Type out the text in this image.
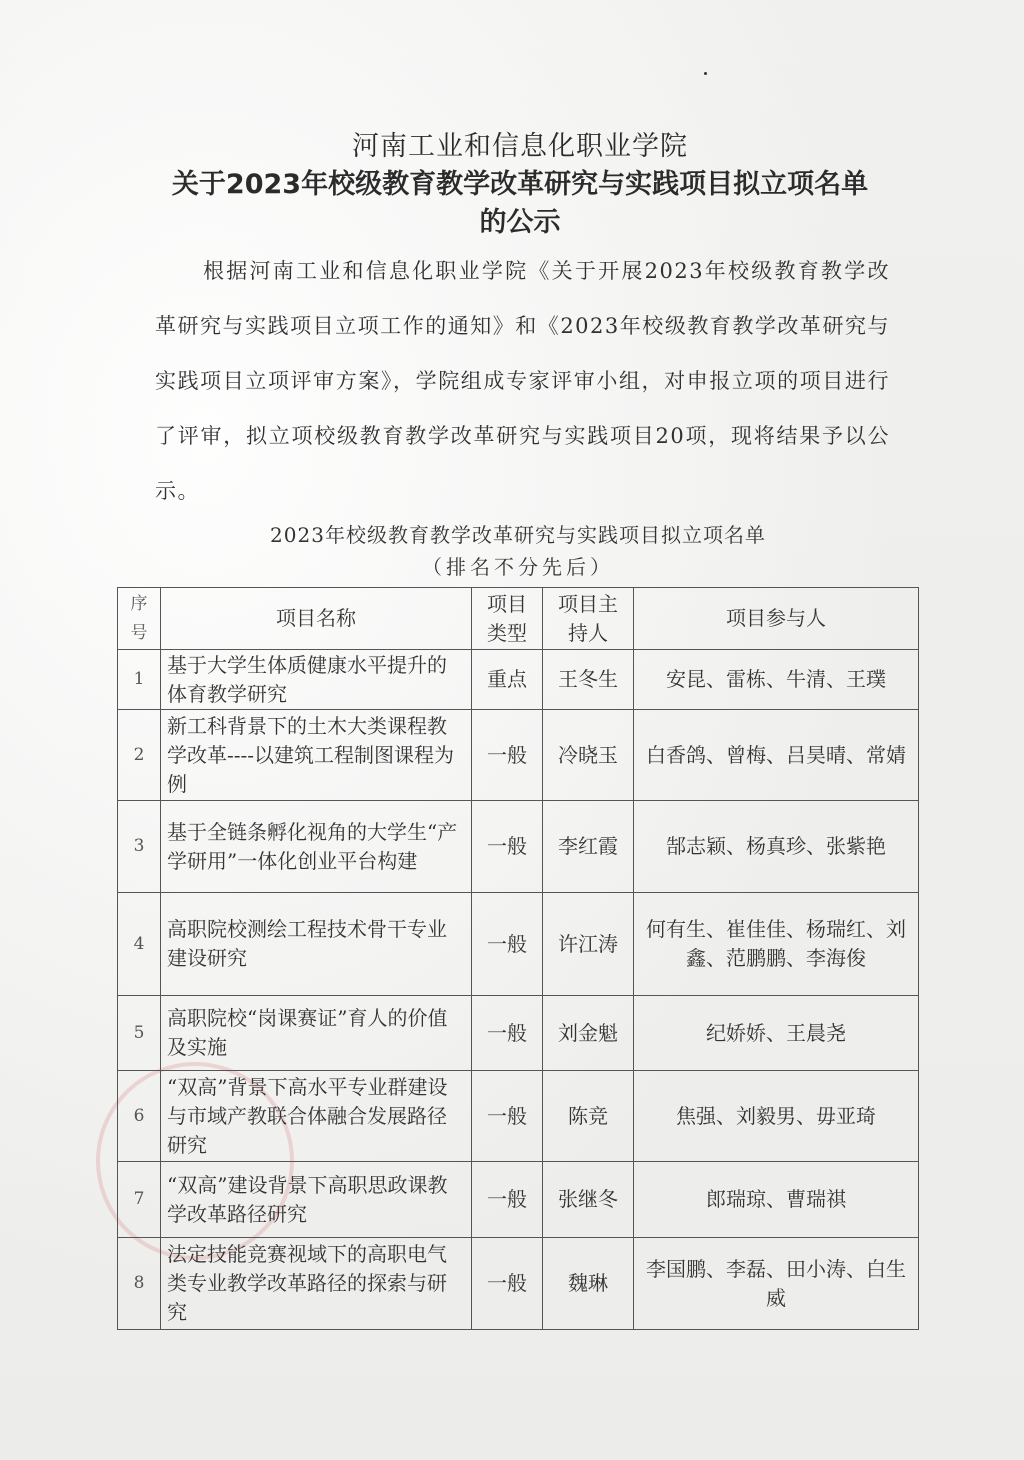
河南工业和信息化职业学院
关于2023年校级教育教学改革研究与实践项目拟立项名单
的公示
根据河南工业和信息化职业学院《关于开展2023年校级教育教学改革研究与实践项目立项工作的通知》和《2023年校级教育教学改革研究与实践项目立项评审方案》，学院组成专家评审小组，对申报立项的项目进行了评审，拟立项校级教育教学改革研究与实践项目20项，现将结果予以公示。
2023年校级教育教学改革研究与实践项目拟立项名单
（排名不分先后）
序号	项目名称	项目类型	项目主持人	项目参与人
1	基于大学生体质健康水平提升的体育教学研究	重点	王冬生	安昆、雷栋、牛清、王璞
2	新工科背景下的土木大类课程教学改革----以建筑工程制图课程为例	一般	冷晓玉	白香鸽、曾梅、吕昊晴、常婧
3	基于全链条孵化视角的大学生“产学研用”一体化创业平台构建	一般	李红霞	郜志颖、杨真珍、张紫艳
4	高职院校测绘工程技术骨干专业建设研究	一般	许江涛	何有生、崔佳佳、杨瑞红、刘鑫、范鹏鹏、李海俊
5	高职院校“岗课赛证”育人的价值及实施	一般	刘金魁	纪娇娇、王晨尧
6	“双高”背景下高水平专业群建设与市域产教联合体融合发展路径研究	一般	陈竞	焦强、刘毅男、毋亚琦
7	“双高”建设背景下高职思政课教学改革路径研究	一般	张继冬	郎瑞琼、曹瑞祺
8	法定技能竞赛视域下的高职电气类专业教学改革路径的探索与研究	一般	魏琳	李国鹏、李磊、田小涛、白生威
